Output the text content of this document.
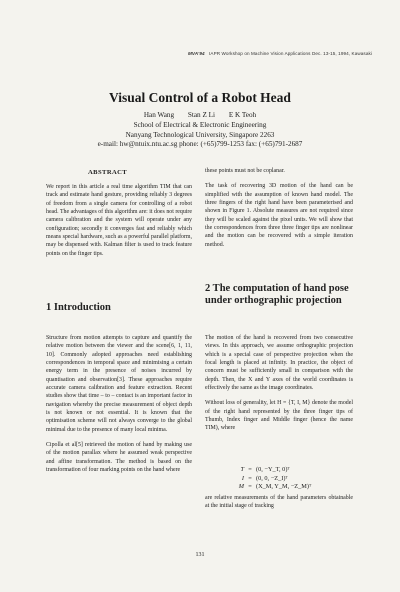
MVA'94 IAPR Workshop on Machine Vision Applications Dec. 13-15, 1994, Kawasaki
Visual Control of a Robot Head
Han Wang Stan Z Li E K Teoh
School of Electrical & Electronic Engineering
Nanyang Technological University, Singapore 2263
e-mail: hw@ntuix.ntu.ac.sg phone: (+65)799-1253 fax: (+65)791-2687
ABSTRACT

We report in this article a real time algorithm TIM that can track and estimate hand gesture, providing reliably 3 degrees of freedom from a single camera for controlling of a robot head. The advantages of this algorithm are: it does not require camera calibration and the system will operate under any configuration; secondly it converges fast and reliably which means special hardware, such as a powerful parallel platform, may be dispensed with. Kalman filter is used to track feature points on the finger tips.

1 Introduction

Structure from motion attempts to capture and quantify the relative motion between the viewer and the scene[6, 1, 11, 10]. Commonly adopted approaches need establishing correspondences in temporal space and minimising a certain energy term in the presence of noises incurred by quantisation and observation[3]. These approaches require accurate camera calibration and feature extraction. Recent studies show that time – to – contact is an important factor in navigation whereby the precise measurement of object depth is not known or not essential. It is known that the optimisation scheme will not always converge to the global minimal due to the presence of many local minima.

Cipolla et al[5] retrieved the motion of hand by making use of the motion parallax where he assumed weak perspective and affine transformation. The method is based on the transformation of four marking points on the hand where

these points must not be coplanar.

The task of recovering 3D motion of the hand can be simplified with the assumption of known hand model. The three fingers of the right hand have been parameterised and shown in Figure 1. Absolute measures are not required since they will be scaled against the pixel units. We will show that the correspondences from three three finger tips are nonlinear and the motion can be recovered with a simple iteration method.

2 The computation of hand pose under orthographic projection

The motion of the hand is recovered from two consecutive views. In this approach, we assume orthographic projection which is a special case of perspective projection when the focal length is placed at infinity. In practice, the object of concern must be sufficiently small in comparison with the depth. Then, the X and Y axes of the world coordinates is effectively the same as the image coordinates.

Without loss of generality, let H = {T, I, M} denote the model of the right hand represented by the three finger tips of Thumb, Index finger and Middle finger (hence the name TIM), where

T = (0, −Y_T, 0)ᵀ
I = (0, 0, −Z_I)ᵀ
M = (X_M, Y_M, −Z_M)ᵀ

are relative measurements of the hand parameters obtainable at the initial stage of tracking

131
